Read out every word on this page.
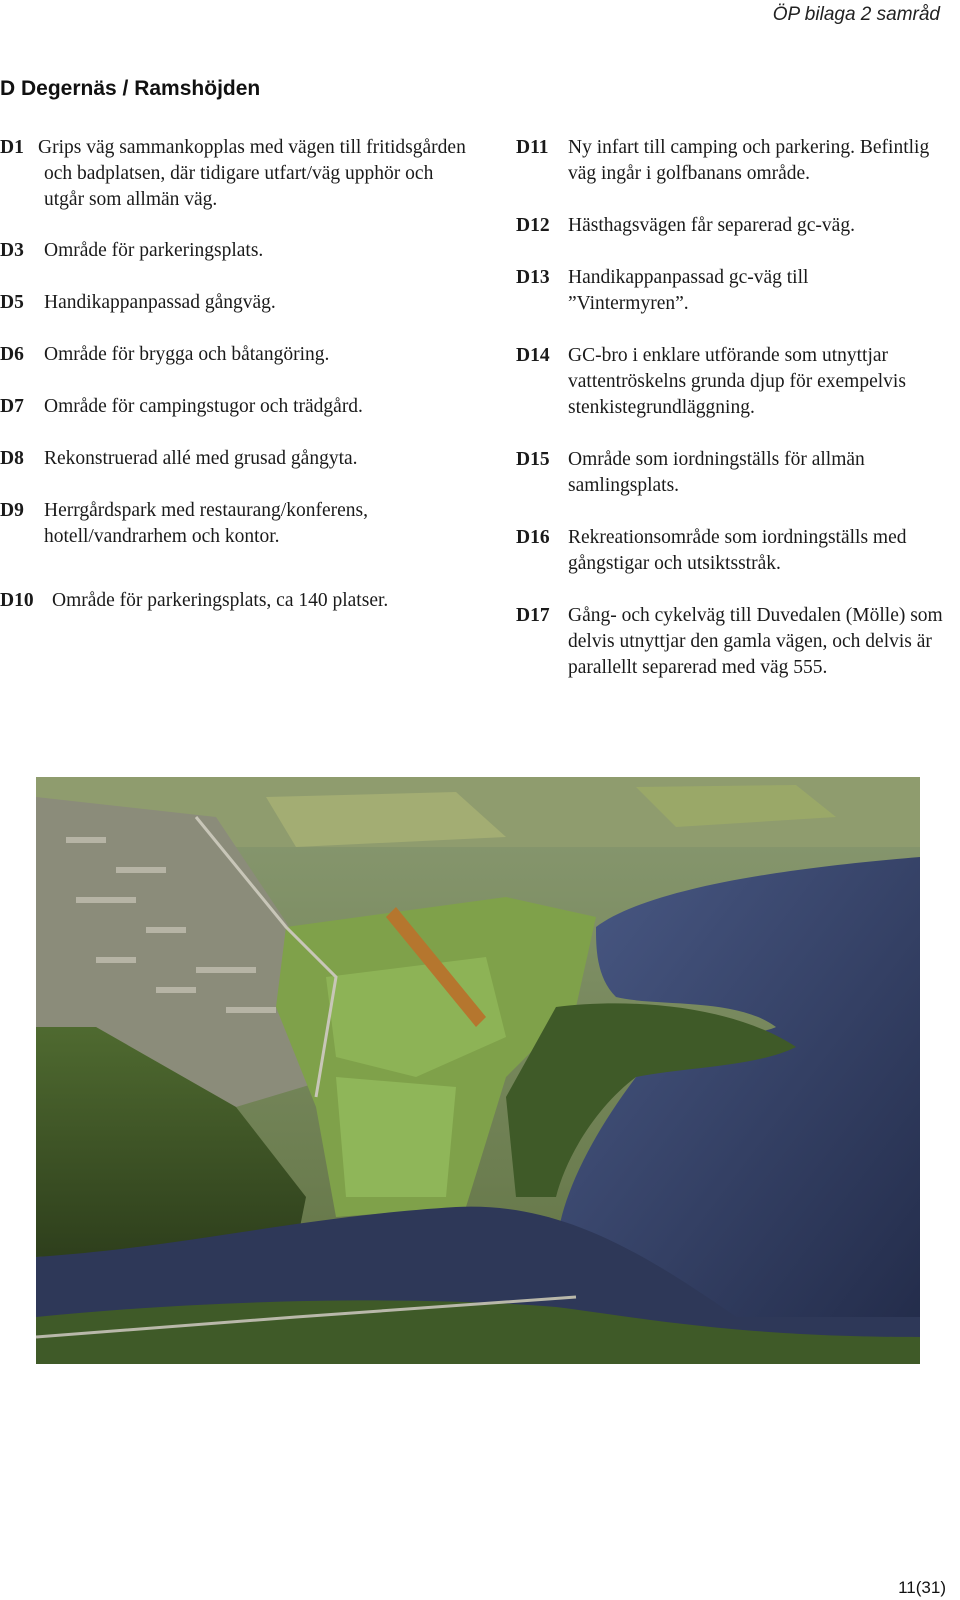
ÖP bilaga 2 samråd
D Degernäs / Ramshöjden
D1 Grips väg sammankopplas med vägen till fritidsgården och badplatsen, där tidigare utfart/väg upphör och utgår som allmän väg.
D3	Område för parkeringsplats.
D5	Handikappanpassad gångväg.
D6	Område för brygga och båtangöring.
D7	Område för campingstugor och trädgård.
D8	Rekonstruerad allé med grusad gångyta.
D9	Herrgårdspark med restaurang/konferens, hotell/vandrarhem och kontor.
D10 Område för parkeringsplats, ca 140 platser.
D11 Ny infart till camping och parkering. Befintlig väg ingår i golfbanans område.
D12 Hästhagsvägen får separerad gc-väg.
D13 Handikappanpassad gc-väg till ”Vintermyren”.
D14 GC-bro i enklare utförande som utnyttjar vattentröskelns grunda djup för exempelvis stenkistegrundläggning.
D15 Område som iordningställs för allmän samlingsplats.
D16 Rekreationsområde som iordningställs med gångstigar och utsiktsstråk.
D17 Gång- och cykelväg till Duvedalen (Mölle) som delvis utnyttjar den gamla vägen, och delvis är parallellt separerad med väg 555.
11(31)
